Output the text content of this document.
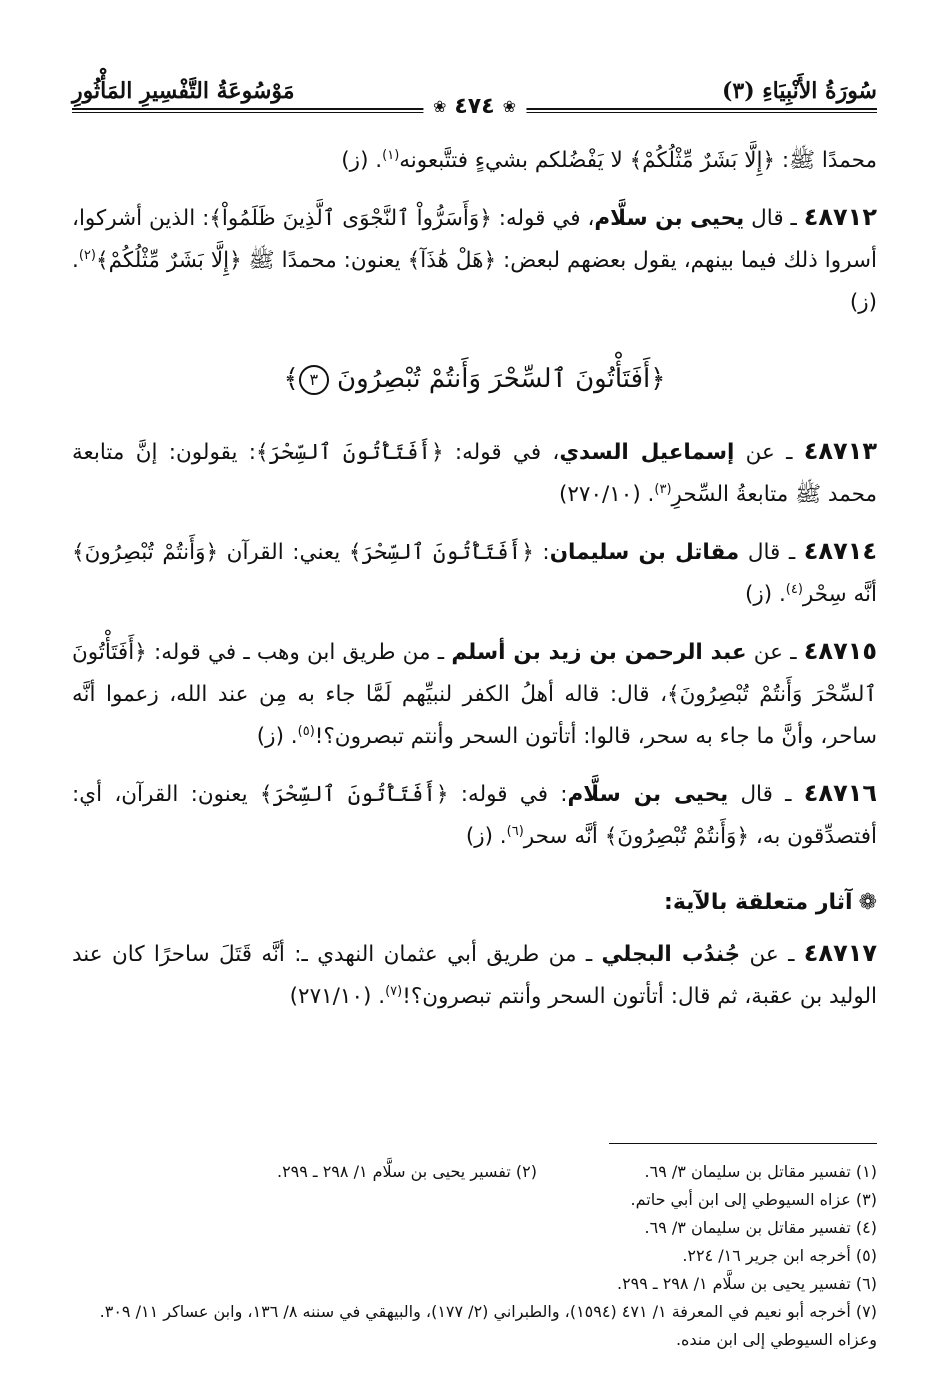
سُورَةُ الأَنْبِيَاءِ (٣)
مَوْسُوعَةُ التَّفْسِيرِ المَأْثُورِ
❀
٤٧٤
❀

محمدًا ﷺ: ﴿إِلَّا بَشَرٌ مِّثْلُكُمْ﴾ لا يَفْضُلكم بشيءٍ فتتَّبعونه$^{(١)}$. (ز)

٤٨٧١٢ ـ قال يحيى بن سلَّام، في قوله: ﴿وَأَسَرُّواْ ٱلنَّجْوَى ٱلَّذِينَ ظَلَمُواْ﴾: الذين أشركوا، أسروا ذلك فيما بينهم، يقول بعضهم لبعض: ﴿هَلْ هَٰذَآ﴾ يعنون: محمدًا ﷺ ﴿إِلَّا بَشَرٌ مِّثْلُكُمْ﴾$^{(٢)}$. (ز)

﴿أَفَتَأْتُونَ ٱلسِّحْرَ وَأَنتُمْ تُبْصِرُونَ ٣﴾

٤٨٧١٣ ـ عن إسماعيل السدي، في قوله: ﴿أَفَتَأْتُونَ ٱلسِّحْرَ﴾: يقولون: إنَّ متابعة محمد ﷺ متابعةُ السِّحرِ$^{(٣)}$. (٢٧٠/١٠)

٤٨٧١٤ ـ قال مقاتل بن سليمان: ﴿أَفَتَأْتُونَ ٱلسِّحْرَ﴾ يعني: القرآن ﴿وَأَنتُمْ تُبْصِرُونَ﴾ أنَّه سِحْر$^{(٤)}$. (ز)

٤٨٧١٥ ـ عن عبد الرحمن بن زيد بن أسلم ـ من طريق ابن وهب ـ في قوله: ﴿أَفَتَأْتُونَ ٱلسِّحْرَ وَأَنتُمْ تُبْصِرُونَ﴾، قال: قاله أهلُ الكفر لنبيِّهم لَمَّا جاء به مِن عند الله، زعموا أنَّه ساحر، وأنَّ ما جاء به سحر، قالوا: أتأتون السحر وأنتم تبصرون؟!$^{(٥)}$. (ز)

٤٨٧١٦ ـ قال يحيى بن سلَّام: في قوله: ﴿أَفَتَأْتُونَ ٱلسِّحْرَ﴾ يعنون: القرآن، أي: أفتصدِّقون به، ﴿وَأَنتُمْ تُبْصِرُونَ﴾ أنَّه سحر$^{(٦)}$. (ز)

❁آثار متعلقة بالآية:

٤٨٧١٧ ـ عن جُندُب البجلي ـ من طريق أبي عثمان النهدي ـ: أنَّه قَتَلَ ساحرًا كان عند الوليد بن عقبة، ثم قال: أتأتون السحر وأنتم تبصرون؟!$^{(٧)}$. (٢٧١/١٠)

(١) تفسير مقاتل بن سليمان ٣/ ٦٩.
(٢) تفسير يحيى بن سلَّام ١/ ٢٩٨ ـ ٢٩٩.
(٣) عزاه السيوطي إلى ابن أبي حاتم.
(٤) تفسير مقاتل بن سليمان ٣/ ٦٩.
(٥) أخرجه ابن جرير ١٦/ ٢٢٤.
(٦) تفسير يحيى بن سلَّام ١/ ٢٩٨ ـ ٢٩٩.
(٧) أخرجه أبو نعيم في المعرفة ١/ ٤٧١ (١٥٩٤)، والطبراني (٢/ ١٧٧)، والبيهقي في سننه ٨/ ١٣٦، وابن عساكر ١١/ ٣٠٩. وعزاه السيوطي إلى ابن منده.
